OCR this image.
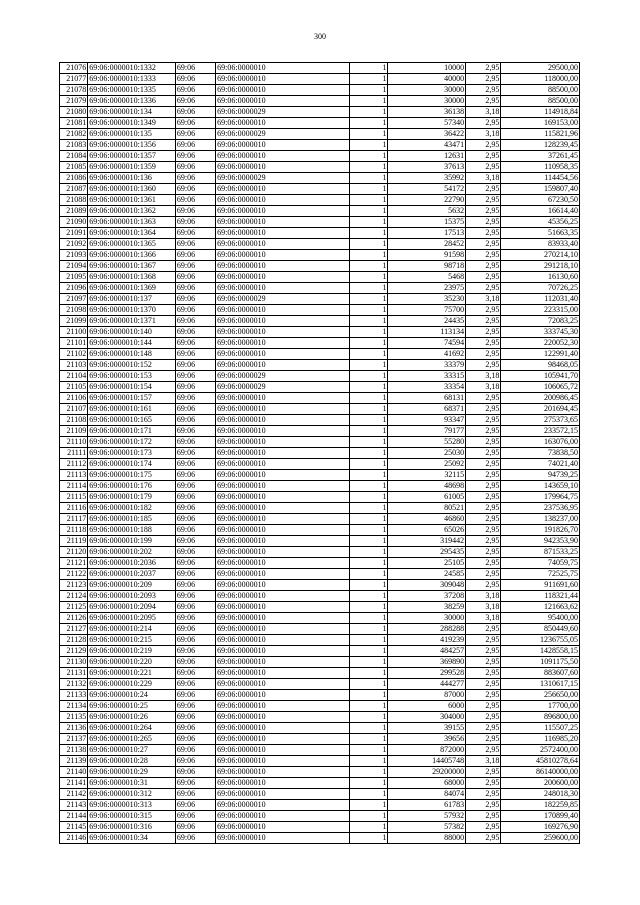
300
21076	69:06:0000010:1332	69:06	69:06:0000010	1	10000	2,95	29500,00
21077	69:06:0000010:1333	69:06	69:06:0000010	1	40000	2,95	118000,00
21078	69:06:0000010:1335	69:06	69:06:0000010	1	30000	2,95	88500,00
21079	69:06:0000010:1336	69:06	69:06:0000010	1	30000	2,95	88500,00
21080	69:06:0000010:134	69:06	69:06:0000029	1	36138	3,18	114918,84
21081	69:06:0000010:1349	69:06	69:06:0000010	1	57340	2,95	169153,00
21082	69:06:0000010:135	69:06	69:06:0000029	1	36422	3,18	115821,96
21083	69:06:0000010:1356	69:06	69:06:0000010	1	43471	2,95	128239,45
21084	69:06:0000010:1357	69:06	69:06:0000010	1	12631	2,95	37261,45
21085	69:06:0000010:1359	69:06	69:06:0000010	1	37613	2,95	110958,35
21086	69:06:0000010:136	69:06	69:06:0000029	1	35992	3,18	114454,56
21087	69:06:0000010:1360	69:06	69:06:0000010	1	54172	2,95	159807,40
21088	69:06:0000010:1361	69:06	69:06:0000010	1	22790	2,95	67230,50
21089	69:06:0000010:1362	69:06	69:06:0000010	1	5632	2,95	16614,40
21090	69:06:0000010:1363	69:06	69:06:0000010	1	15375	2,95	45356,25
21091	69:06:0000010:1364	69:06	69:06:0000010	1	17513	2,95	51663,35
21092	69:06:0000010:1365	69:06	69:06:0000010	1	28452	2,95	83933,40
21093	69:06:0000010:1366	69:06	69:06:0000010	1	91598	2,95	270214,10
21094	69:06:0000010:1367	69:06	69:06:0000010	1	98718	2,95	291218,10
21095	69:06:0000010:1368	69:06	69:06:0000010	1	5468	2,95	16130,60
21096	69:06:0000010:1369	69:06	69:06:0000010	1	23975	2,95	70726,25
21097	69:06:0000010:137	69:06	69:06:0000029	1	35230	3,18	112031,40
21098	69:06:0000010:1370	69:06	69:06:0000010	1	75700	2,95	223315,00
21099	69:06:0000010:1371	69:06	69:06:0000010	1	24435	2,95	72083,25
21100	69:06:0000010:140	69:06	69:06:0000010	1	113134	2,95	333745,30
21101	69:06:0000010:144	69:06	69:06:0000010	1	74594	2,95	220052,30
21102	69:06:0000010:148	69:06	69:06:0000010	1	41692	2,95	122991,40
21103	69:06:0000010:152	69:06	69:06:0000010	1	33379	2,95	98468,05
21104	69:06:0000010:153	69:06	69:06:0000029	1	33315	3,18	105941,70
21105	69:06:0000010:154	69:06	69:06:0000029	1	33354	3,18	106065,72
21106	69:06:0000010:157	69:06	69:06:0000010	1	68131	2,95	200986,45
21107	69:06:0000010:161	69:06	69:06:0000010	1	68371	2,95	201694,45
21108	69:06:0000010:165	69:06	69:06:0000010	1	93347	2,95	275373,65
21109	69:06:0000010:171	69:06	69:06:0000010	1	79177	2,95	233572,15
21110	69:06:0000010:172	69:06	69:06:0000010	1	55280	2,95	163076,00
21111	69:06:0000010:173	69:06	69:06:0000010	1	25030	2,95	73838,50
21112	69:06:0000010:174	69:06	69:06:0000010	1	25092	2,95	74021,40
21113	69:06:0000010:175	69:06	69:06:0000010	1	32115	2,95	94739,25
21114	69:06:0000010:176	69:06	69:06:0000010	1	48698	2,95	143659,10
21115	69:06:0000010:179	69:06	69:06:0000010	1	61005	2,95	179964,75
21116	69:06:0000010:182	69:06	69:06:0000010	1	80521	2,95	237536,95
21117	69:06:0000010:185	69:06	69:06:0000010	1	46860	2,95	138237,00
21118	69:06:0000010:188	69:06	69:06:0000010	1	65026	2,95	191826,70
21119	69:06:0000010:199	69:06	69:06:0000010	1	319442	2,95	942353,90
21120	69:06:0000010:202	69:06	69:06:0000010	1	295435	2,95	871533,25
21121	69:06:0000010:2036	69:06	69:06:0000010	1	25105	2,95	74059,75
21122	69:06:0000010:2037	69:06	69:06:0000010	1	24585	2,95	72525,75
21123	69:06:0000010:209	69:06	69:06:0000010	1	309048	2,95	911691,60
21124	69:06:0000010:2093	69:06	69:06:0000010	1	37208	3,18	118321,44
21125	69:06:0000010:2094	69:06	69:06:0000010	1	38259	3,18	121663,62
21126	69:06:0000010:2095	69:06	69:06:0000010	1	30000	3,18	95400,00
21127	69:06:0000010:214	69:06	69:06:0000010	1	288288	2,95	850449,60
21128	69:06:0000010:215	69:06	69:06:0000010	1	419239	2,95	1236755,05
21129	69:06:0000010:219	69:06	69:06:0000010	1	484257	2,95	1428558,15
21130	69:06:0000010:220	69:06	69:06:0000010	1	369890	2,95	1091175,50
21131	69:06:0000010:221	69:06	69:06:0000010	1	299528	2,95	883607,60
21132	69:06:0000010:229	69:06	69:06:0000010	1	444277	2,95	1310617,15
21133	69:06:0000010:24	69:06	69:06:0000010	1	87000	2,95	256650,00
21134	69:06:0000010:25	69:06	69:06:0000010	1	6000	2,95	17700,00
21135	69:06:0000010:26	69:06	69:06:0000010	1	304000	2,95	896800,00
21136	69:06:0000010:264	69:06	69:06:0000010	1	39155	2,95	115507,25
21137	69:06:0000010:265	69:06	69:06:0000010	1	39656	2,95	116985,20
21138	69:06:0000010:27	69:06	69:06:0000010	1	872000	2,95	2572400,00
21139	69:06:0000010:28	69:06	69:06:0000010	1	14405748	3,18	45810278,64
21140	69:06:0000010:29	69:06	69:06:0000010	1	29200000	2,95	86140000,00
21141	69:06:0000010:31	69:06	69:06:0000010	1	68000	2,95	200600,00
21142	69:06:0000010:312	69:06	69:06:0000010	1	84074	2,95	248018,30
21143	69:06:0000010:313	69:06	69:06:0000010	1	61783	2,95	182259,85
21144	69:06:0000010:315	69:06	69:06:0000010	1	57932	2,95	170899,40
21145	69:06:0000010:316	69:06	69:06:0000010	1	57382	2,95	169276,90
21146	69:06:0000010:34	69:06	69:06:0000010	1	88000	2,95	259600,00
